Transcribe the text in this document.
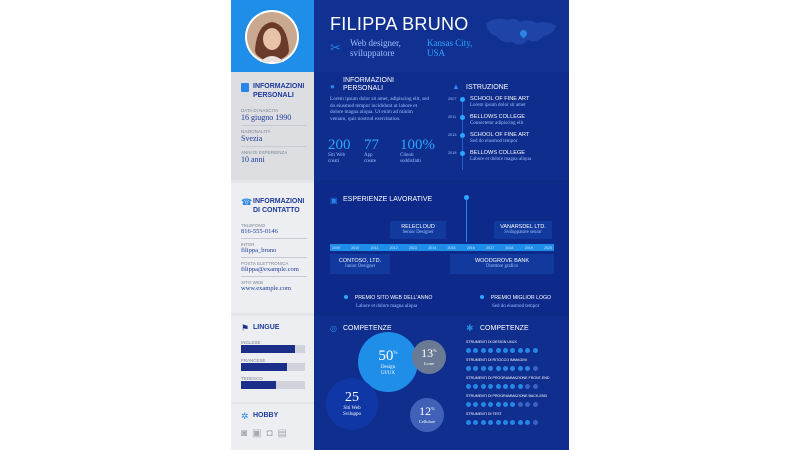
INFORMAZIONI
PERSONALI
DATA DI NASCITA
16 giugno 1990
NAZIONALITÀ
Svezia
ANNI DI ESPERIENZA
10 anni
☎ INFORMAZIONI
DI CONTATTO
TELEFONO
816-555-0146
INTER
filippa_bruno
POSTA ELETTRONICA
filippa@example.com
SITO WEB
www.example.com
⚑ LINGUE
INGLESE
FRANCESE
TEDESCO
✲ HOBBY
◙▣◘▤
FILIPPA BRUNO
✂ Web designer,
sviluppatore
Kansas City,
USA
●
INFORMAZIONI
PERSONALI
Lorem ipsum dolor sit amet, adipiscing elit, sed do eiusmod tempor incididunt ut labore et dolore magna aliqua. Ut enim ad minim veniam, quis nostrud exercitation.
200
Siti Web
creati
77
App
create
100%
Clienti
soddisfatti
▲ ISTRUZIONE
2007 SCHOOL OF FINE ART
Lorem ipsum dolor sit amet
2011 BELLOWS COLLEGE
Consectetur adipiscing elit
2015 SCHOOL OF FINE ART
Sed do eiusmod tempor
2018 BELLOWS COLLEGE
Labore et dolore magna aliqua
▣ ESPERIENZE LAVORATIVE
RELECLOUD
Senior Designer
VANARSDEL LTD.
Sviluppatore senior
2009	2010	2011	2012	2013	2014	2015	2016	2017	2018	2019	2020
CONTOSO, LTD.
Junior Designer
WOODGROVE BANK
Direttore grafico
PREMIO SITO WEB DELL'ANNO
Labore et dolore magna aliqua
PREMIO MIGLIOR LOGO
Sed do eiusmod tempor
◎ COMPETENZE
50%
Design
UI/UX
13%
Icone
25
Siti Web
Sviluppo	12%
Cellulare
✱ COMPETENZE
STRUMENTI DI DESIGN UI/UX
STRUMENTI DI RITOCCO IMMAGINI
STRUMENTI DI PROGRAMMAZIONE FRONT-END
STRUMENTI DI PROGRAMMAZIONE BACK-END
STRUMENTI DI TEST
